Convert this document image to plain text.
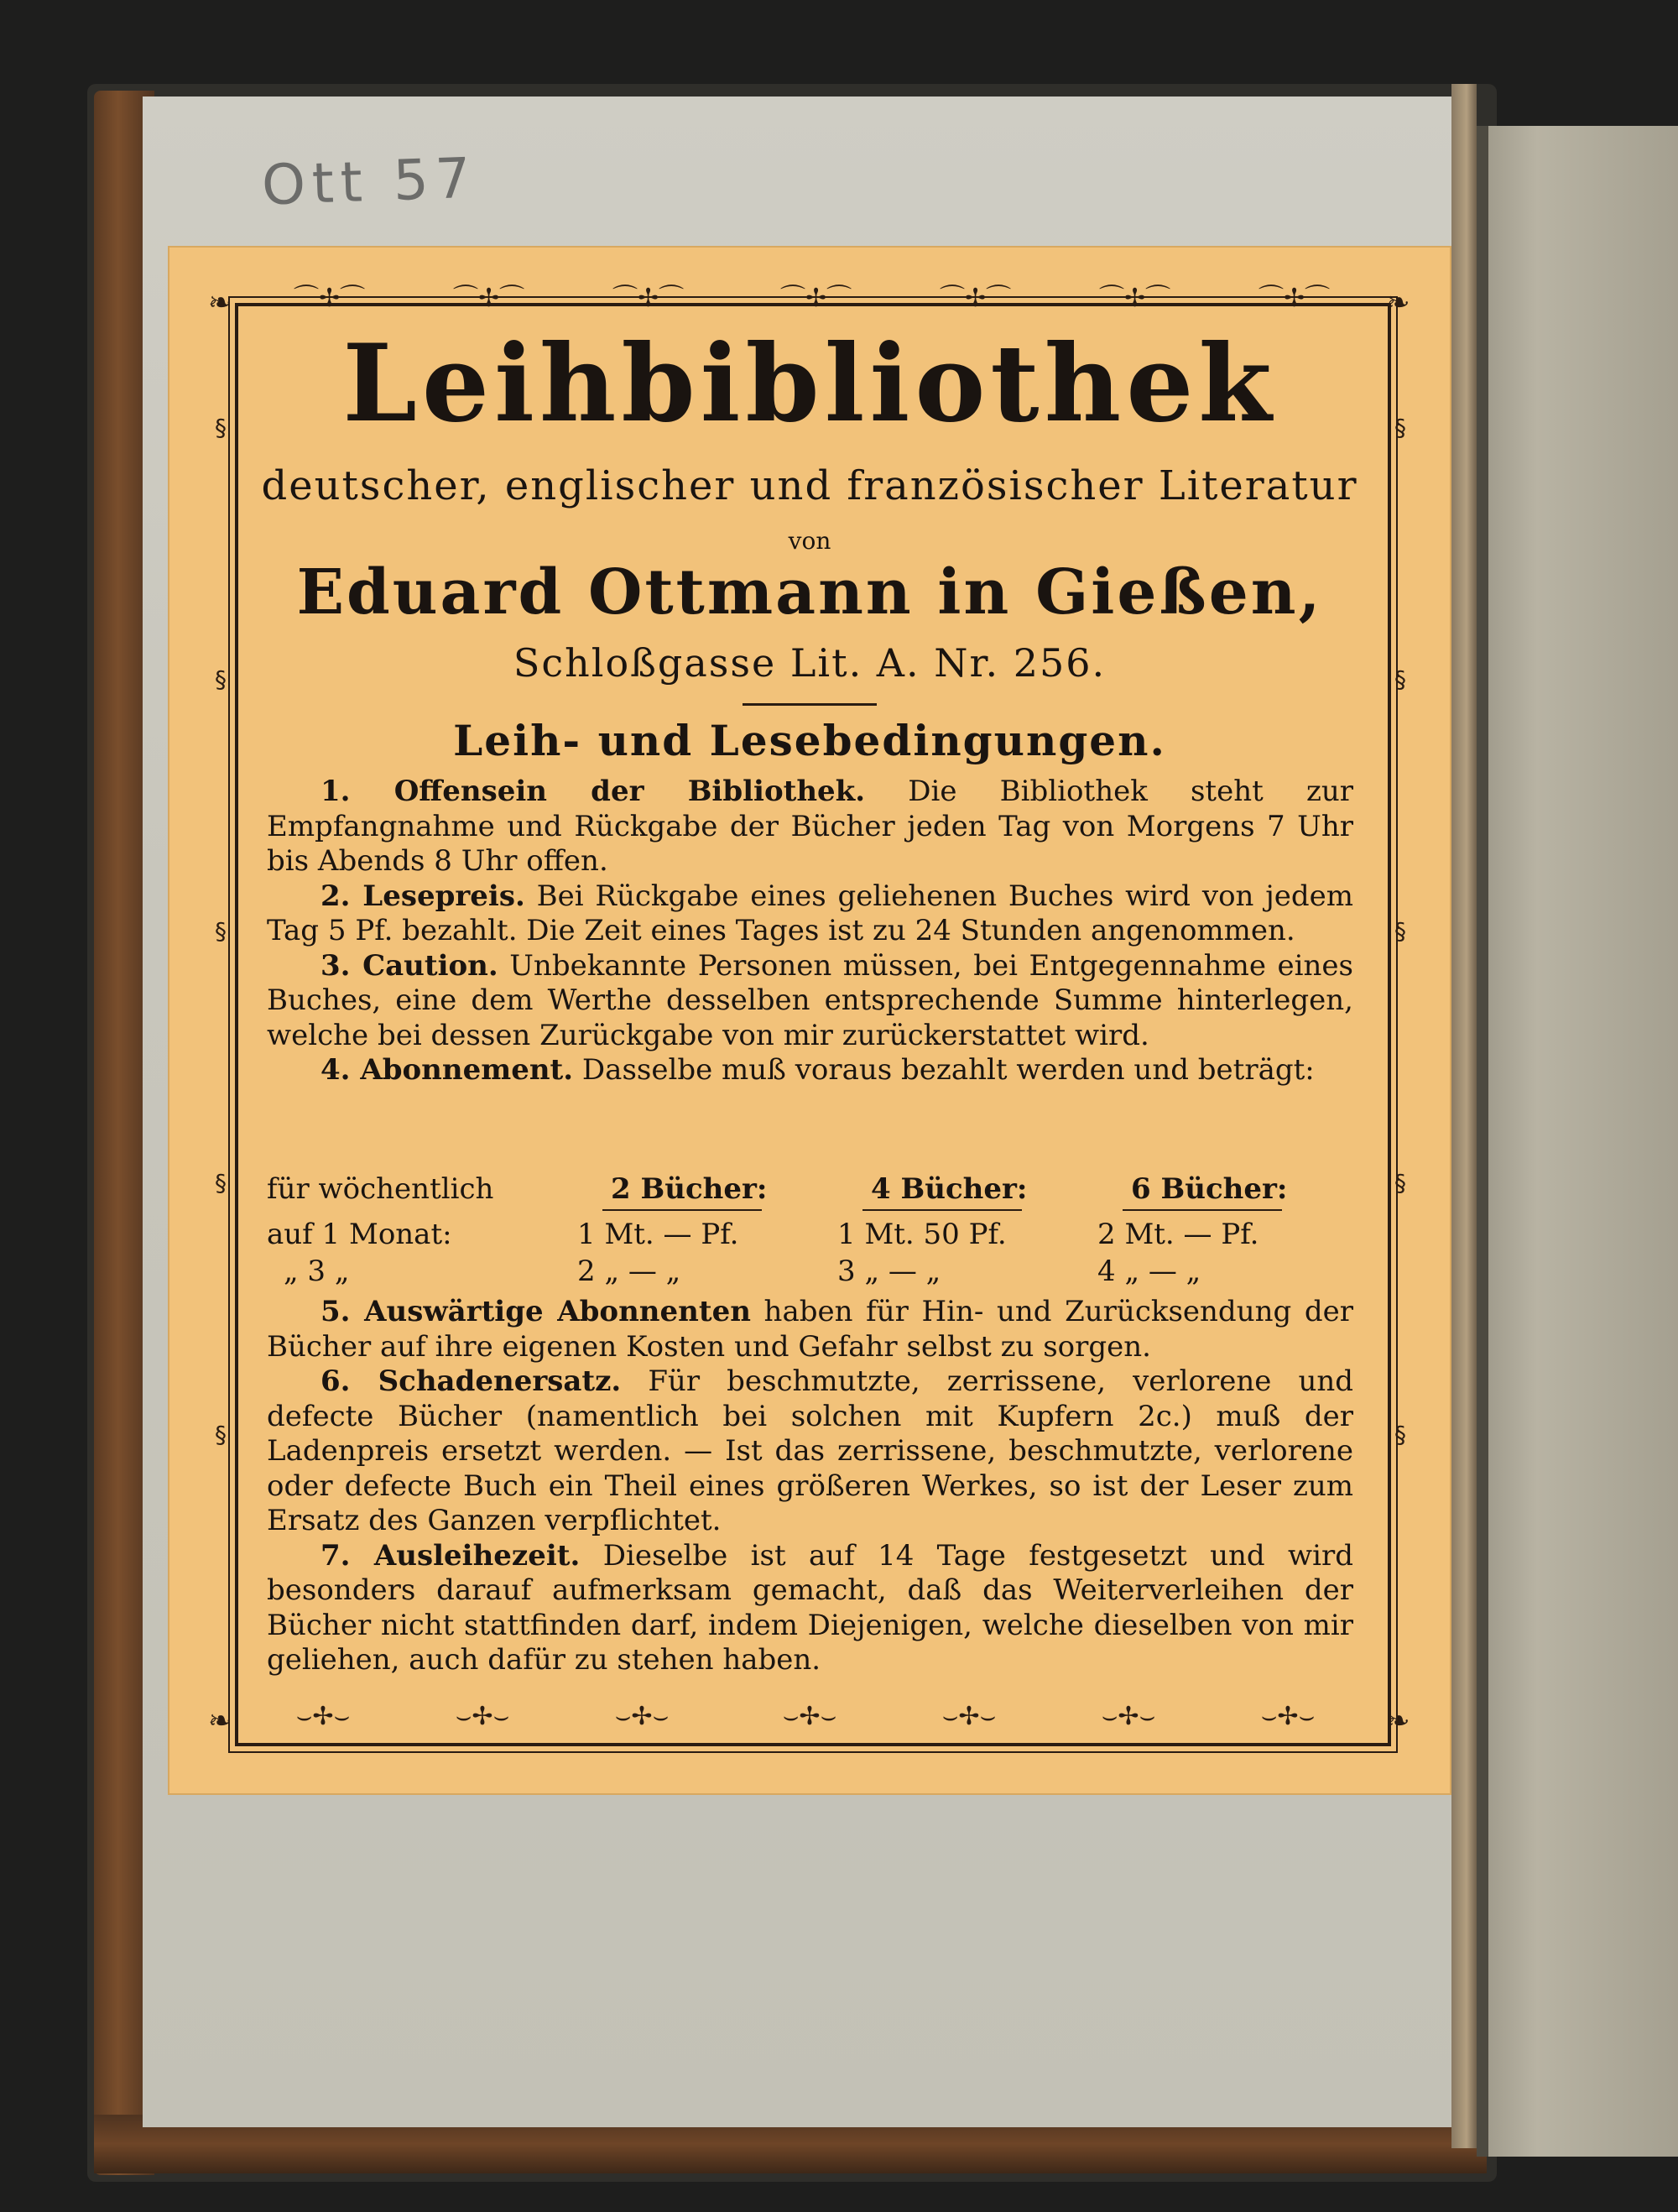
Ott 57
❧	❧
❧	❧
⌒✢⌒	⌒✢⌒	⌒✢⌒	⌒✢⌒	⌒✢⌒	⌒✢⌒	⌒✢⌒
⌣✢⌣	⌣✢⌣	⌣✢⌣	⌣✢⌣	⌣✢⌣	⌣✢⌣	⌣✢⌣
§
§
§
§
§
§
§
§
§
§
Leihbibliothek
deutscher, englischer und französischer Literatur
von
Eduard Ottmann in Gießen,
Schloßgasse Lit. A. Nr. 256.
Leih- und Lesebedingungen.

1. Offensein der Bibliothek. Die Bibliothek steht zur Empfangnahme und Rückgabe der Bücher jeden Tag von Morgens 7 Uhr bis Abends 8 Uhr offen.

2. Lesepreis. Bei Rückgabe eines geliehenen Buches wird von jedem Tag 5 Pf. bezahlt. Die Zeit eines Tages ist zu 24 Stunden angenommen.

3. Caution. Unbekannte Personen müssen, bei Entgegennahme eines Buches, eine dem Werthe desselben entsprechende Summe hinterlegen, welche bei dessen Zurückgabe von mir zurückerstattet wird.

4. Abonnement. Dasselbe muß voraus bezahlt werden und beträgt:

für wöchentlich	2 Bücher:	4 Bücher:	6 Bücher:
auf 1 Monat:	1 Mt. — Pf.	1 Mt. 50 Pf.	2 Mt. — Pf.
„ 3 „	2 „ — „	3 „ — „	4 „ — „

5. Auswärtige Abonnenten haben für Hin- und Zurücksendung der Bücher auf ihre eigenen Kosten und Gefahr selbst zu sorgen.

6. Schadenersatz. Für beschmutzte, zerrissene, verlorene und defecte Bücher (namentlich bei solchen mit Kupfern 2c.) muß der Ladenpreis ersetzt werden. — Ist das zerrissene, beschmutzte, verlorene oder defecte Buch ein Theil eines größeren Werkes, so ist der Leser zum Ersatz des Ganzen verpflichtet.

7. Ausleihezeit. Dieselbe ist auf 14 Tage festgesetzt und wird besonders darauf aufmerksam gemacht, daß das Weiterverleihen der Bücher nicht stattfinden darf, indem Diejenigen, welche dieselben von mir geliehen, auch dafür zu stehen haben.
